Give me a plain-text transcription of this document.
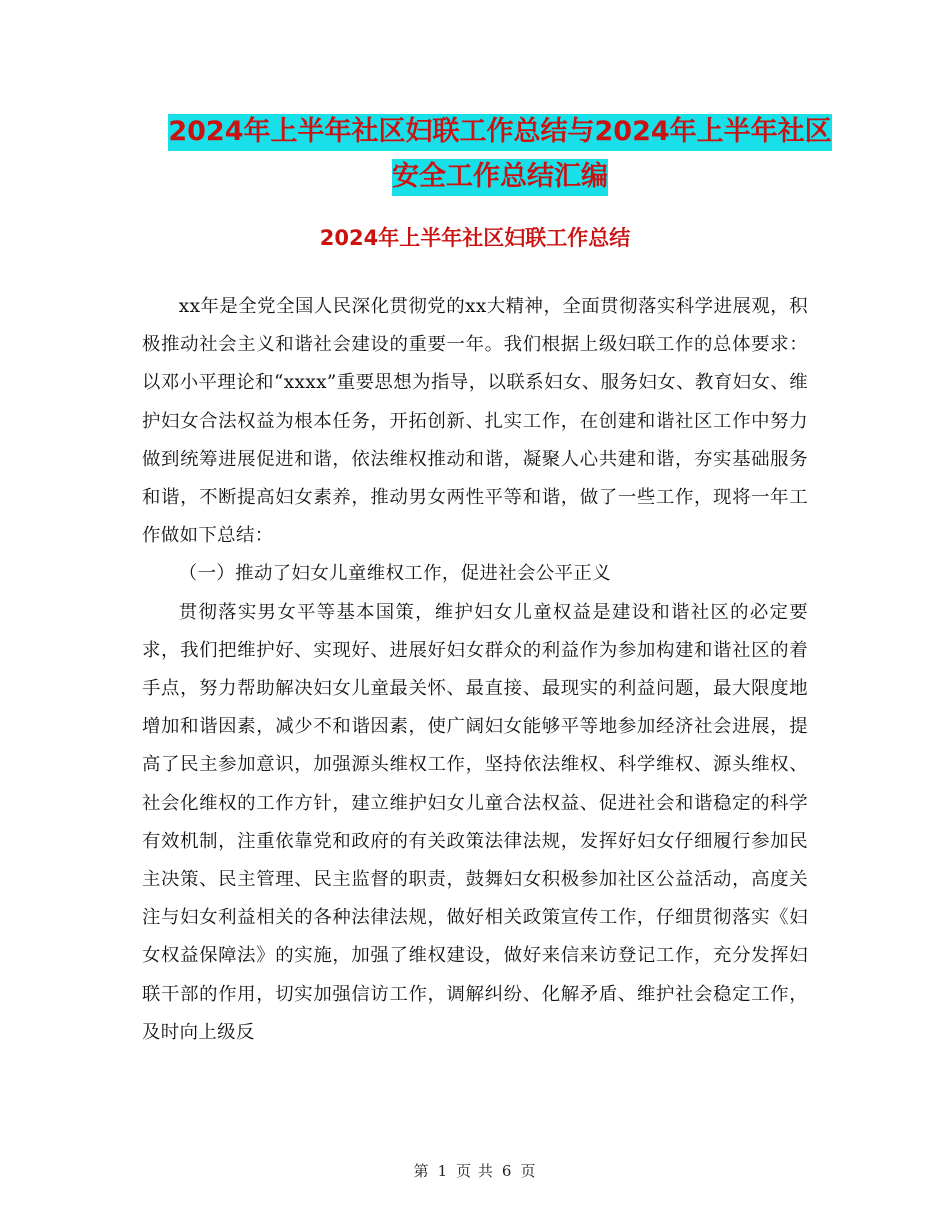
2024年上半年社区妇联工作总结与2024年上半年社区
安全工作总结汇编
2024年上半年社区妇联工作总结

xx年是全党全国人民深化贯彻党的xx大精神，全面贯彻落实科学进展观，积极推动社会主义和谐社会建设的重要一年。我们根据上级妇联工作的总体要求：以邓小平理论和“xxxx”重要思想为指导，以联系妇女、服务妇女、教育妇女、维护妇女合法权益为根本任务，开拓创新、扎实工作，在创建和谐社区工作中努力做到统筹进展促进和谐，依法维权推动和谐，凝聚人心共建和谐，夯实基础服务和谐，不断提高妇女素养，推动男女两性平等和谐，做了一些工作，现将一年工作做如下总结：

（一）推动了妇女儿童维权工作，促进社会公平正义

贯彻落实男女平等基本国策，维护妇女儿童权益是建设和谐社区的必定要求，我们把维护好、实现好、进展好妇女群众的利益作为参加构建和谐社区的着手点，努力帮助解决妇女儿童最关怀、最直接、最现实的利益问题，最大限度地增加和谐因素，减少不和谐因素，使广阔妇女能够平等地参加经济社会进展，提高了民主参加意识，加强源头维权工作，坚持依法维权、科学维权、源头维权、社会化维权的工作方针，建立维护妇女儿童合法权益、促进社会和谐稳定的科学有效机制，注重依靠党和政府的有关政策法律法规，发挥好妇女仔细履行参加民主决策、民主管理、民主监督的职责，鼓舞妇女积极参加社区公益活动，高度关注与妇女利益相关的各种法律法规，做好相关政策宣传工作，仔细贯彻落实《妇女权益保障法》的实施，加强了维权建设，做好来信来访登记工作，充分发挥妇联干部的作用，切实加强信访工作，调解纠纷、化解矛盾、维护社会稳定工作，及时向上级反

第 1 页 共 6 页
